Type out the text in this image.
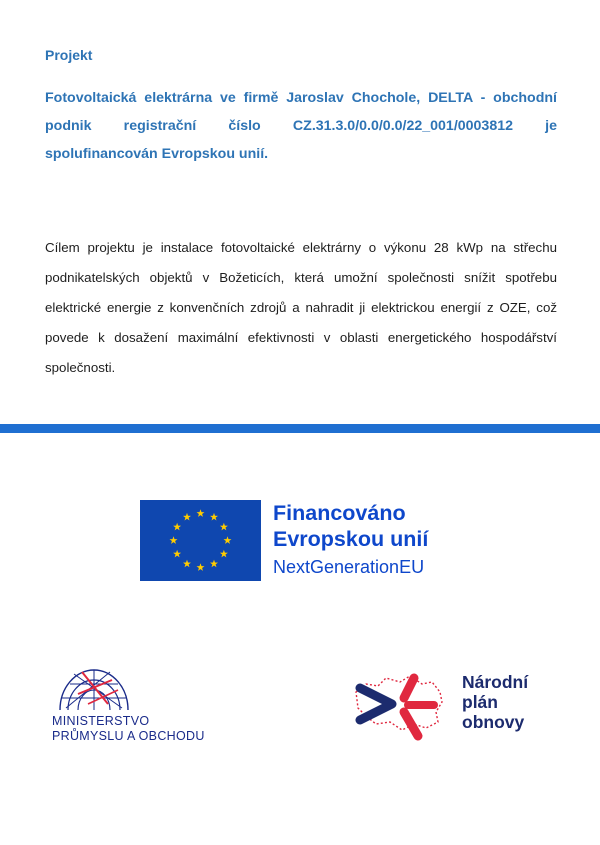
Projekt
Fotovoltaická elektrárna ve firmě Jaroslav Chochole, DELTA - obchodní podnik registrační číslo CZ.31.3.0/0.0/0.0/22_001/0003812 je spolufinancován Evropskou unií.
Cílem projektu je instalace fotovoltaické elektrárny o výkonu 28 kWp na střechu podnikatelských objektů v Božeticích, která umožní společnosti snížit spotřebu elektrické energie z konvenčních zdrojů a nahradit ji elektrickou energií z OZE, což povede k dosažení maximální efektivnosti v oblasti energetického hospodářství společnosti.
Financováno
Evropskou unií
NextGenerationEU
MINISTERSTVO
PRŮMYSLU A OBCHODU
Národní
plán
obnovy
